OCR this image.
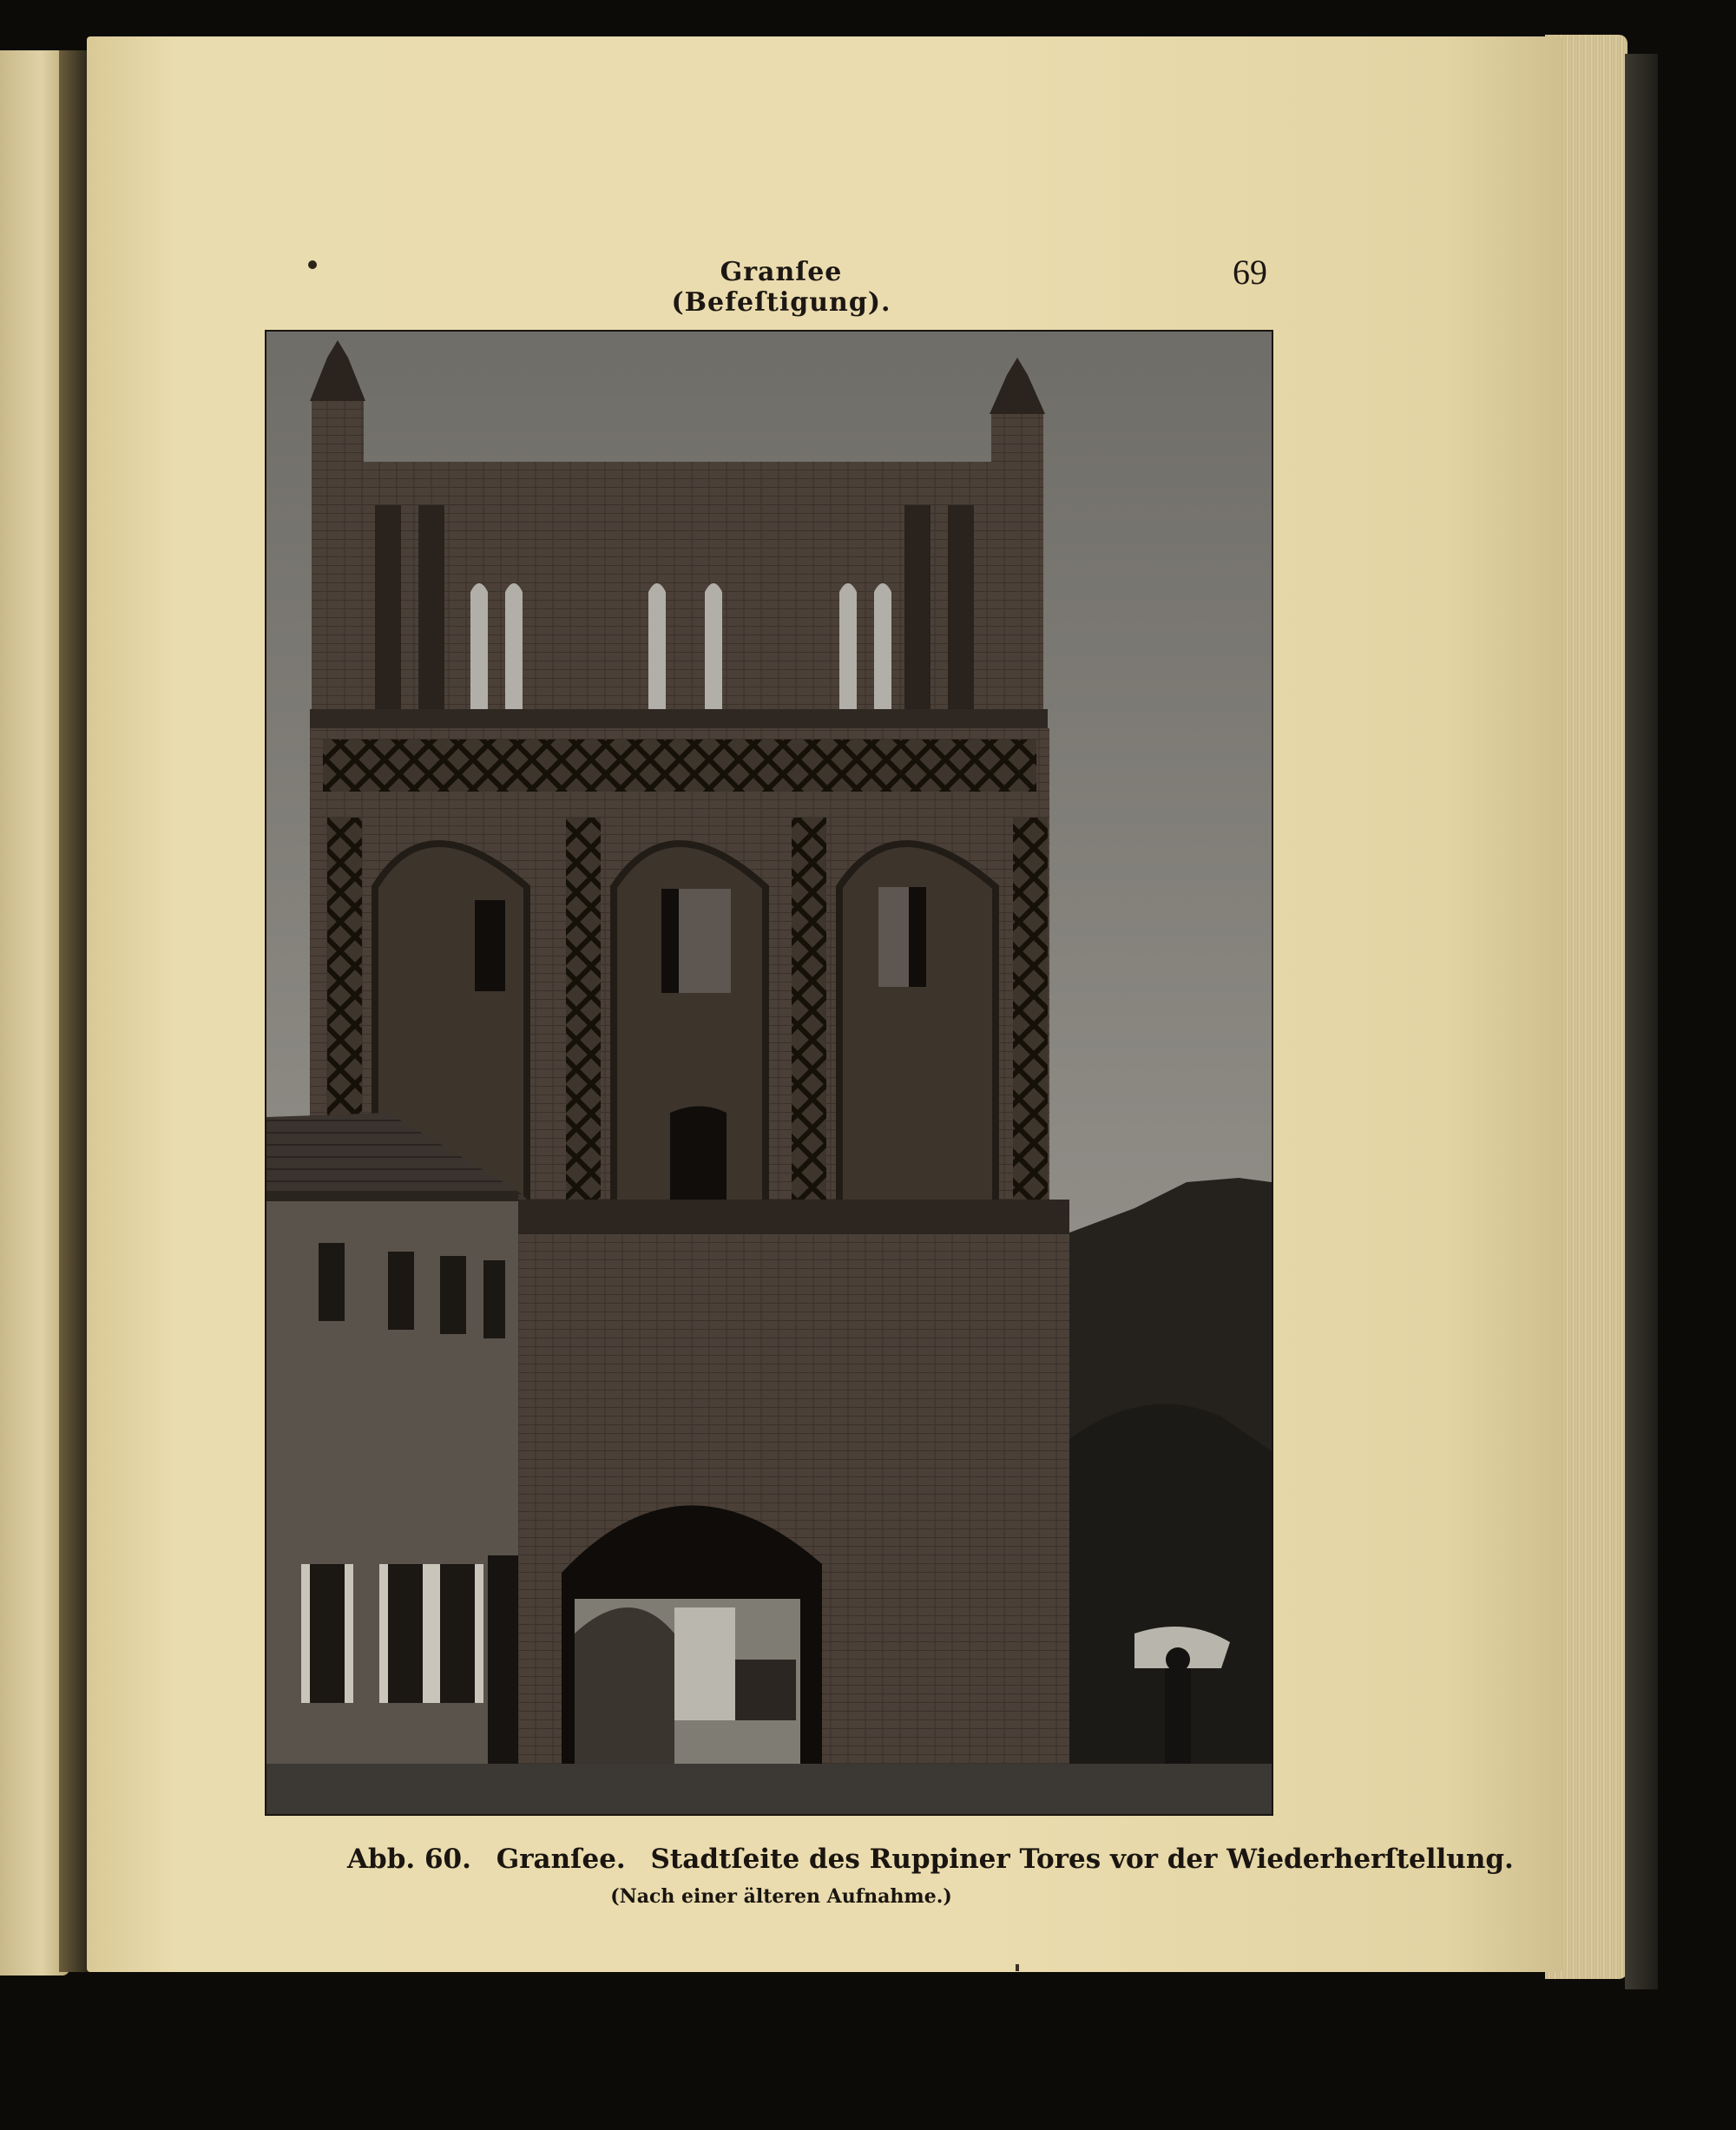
Granſee (Befeſtigung).
69
Abb. 60. Granſee. Stadtſeite des Ruppiner Tores vor der Wiederherſtellung.
(Nach einer älteren Aufnahme.)
